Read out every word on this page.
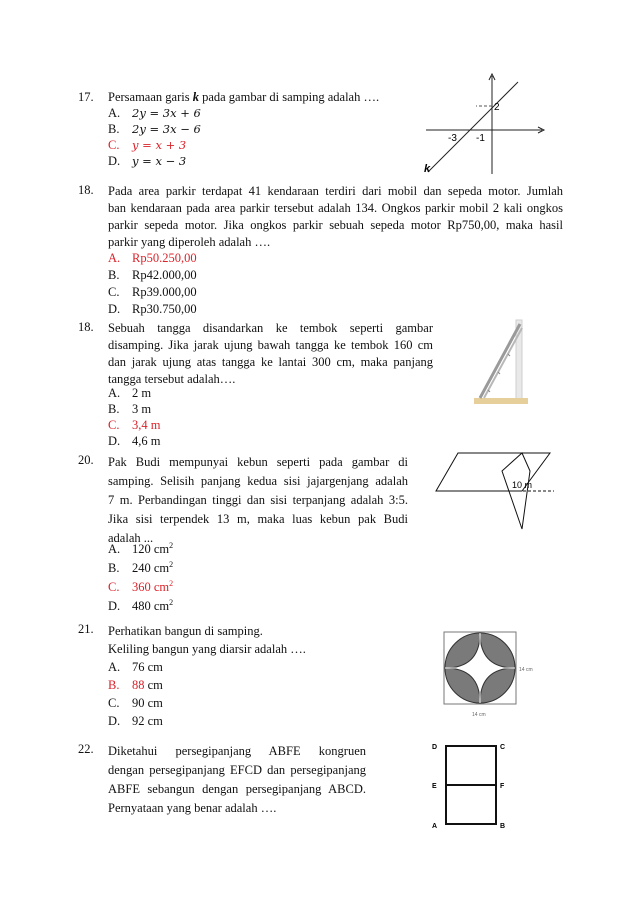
17.	Persamaan garis k pada gambar di samping adalah ….
A. 2y = 3x + 6
B. 2y = 3x − 6
C. y = x + 3
D. y = x − 3
2
-3 -1
k
18.	Pada area parkir terdapat 41 kendaraan terdiri dari mobil dan sepeda motor. Jumlah
ban kendaraan pada area parkir tersebut adalah 134. Ongkos parkir mobil 2 kali ongkos
parkir sepeda motor. Jika ongkos parkir sebuah sepeda motor Rp750,00, maka hasil
parkir yang diperoleh adalah ….
A. Rp50.250,00
B. Rp42.000,00
C. Rp39.000,00
D. Rp30.750,00
18.	Sebuah tangga disandarkan ke tembok seperti gambar
disamping. Jika jarak ujung bawah tangga ke tembok 160 cm
dan jarak ujung atas tangga ke lantai 300 cm, maka panjang
tangga tersebut adalah….
A. 2 m
B. 3 m
C. 3,4 m
D. 4,6 m
20.	Pak Budi mempunyai kebun seperti pada gambar di
samping. Selisih panjang kedua sisi jajargenjang adalah
7 m. Perbandingan tinggi dan sisi terpanjang adalah 3:5.
Jika sisi terpendek 13 m, maka luas kebun pak Budi
adalah ...
A. 120 $cm^2$
B. 240 $cm^2$
C. 360 $cm^2$
D. 480 $cm^2$
10 m
21.	Perhatikan bangun di samping.
Keliling bangun yang diarsir adalah ….
A. 76 cm
B. 88 cm
C. 90 cm
D. 92 cm
14 cm
14 cm
22.	Diketahui persegipanjang ABFE kongruen
dengan persegipanjang EFCD dan persegipanjang
ABFE sebangun dengan persegipanjang ABCD.
Pernyataan yang benar adalah ….
D	C
E	F
A	B
